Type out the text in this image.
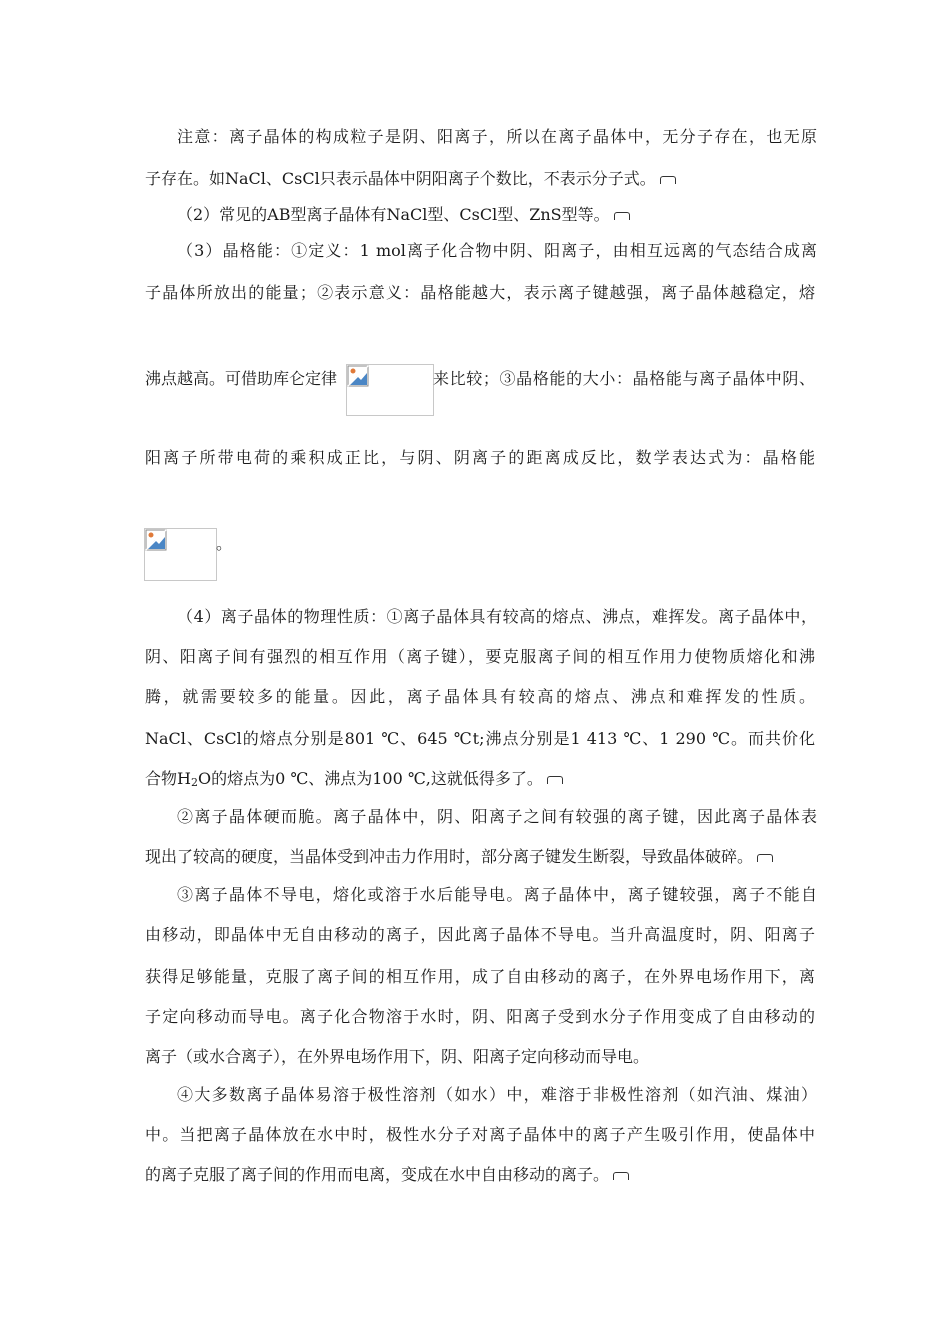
注意：离子晶体的构成粒子是阴、阳离子，所以在离子晶体中，无分子存在，也无原
子存在。如NaCl、CsCl只表示晶体中阴阳离子个数比，不表示分子式。
（2）常见的AB型离子晶体有NaCl型、CsCl型、ZnS型等。
（3）晶格能：①定义：1 mol离子化合物中阴、阳离子，由相互远离的气态结合成离
子晶体所放出的能量；②表示意义：晶格能越大，表示离子键越强，离子晶体越稳定，熔
沸点越高。可借助库仑定律	来比较；③晶格能的大小：晶格能与离子晶体中阴、
阳离子所带电荷的乘积成正比，与阴、阴离子的距离成反比，数学表达式为：晶格能
。
（4）离子晶体的物理性质：①离子晶体具有较高的熔点、沸点，难挥发。离子晶体中，
阴、阳离子间有强烈的相互作用（离子键），要克服离子间的相互作用力使物质熔化和沸
腾，就需要较多的能量。因此，离子晶体具有较高的熔点、沸点和难挥发的性质。
NaCl、CsCl的熔点分别是801 ℃、645 ℃t;沸点分别是1 413 ℃、1 290 ℃。而共价化
合物H2O的熔点为0 ℃、沸点为100 ℃,这就低得多了。
②离子晶体硬而脆。离子晶体中，阴、阳离子之间有较强的离子键，因此离子晶体表
现出了较高的硬度，当晶体受到冲击力作用时，部分离子键发生断裂，导致晶体破碎。
③离子晶体不导电，熔化或溶于水后能导电。离子晶体中，离子键较强，离子不能自
由移动，即晶体中无自由移动的离子，因此离子晶体不导电。当升高温度时，阴、阳离子
获得足够能量，克服了离子间的相互作用，成了自由移动的离子，在外界电场作用下，离
子定向移动而导电。离子化合物溶于水时，阴、阳离子受到水分子作用变成了自由移动的
离子（或水合离子），在外界电场作用下，阴、阳离子定向移动而导电。
④大多数离子晶体易溶于极性溶剂（如水）中，难溶于非极性溶剂（如汽油、煤油）
中。当把离子晶体放在水中时，极性水分子对离子晶体中的离子产生吸引作用，使晶体中
的离子克服了离子间的作用而电离，变成在水中自由移动的离子。
